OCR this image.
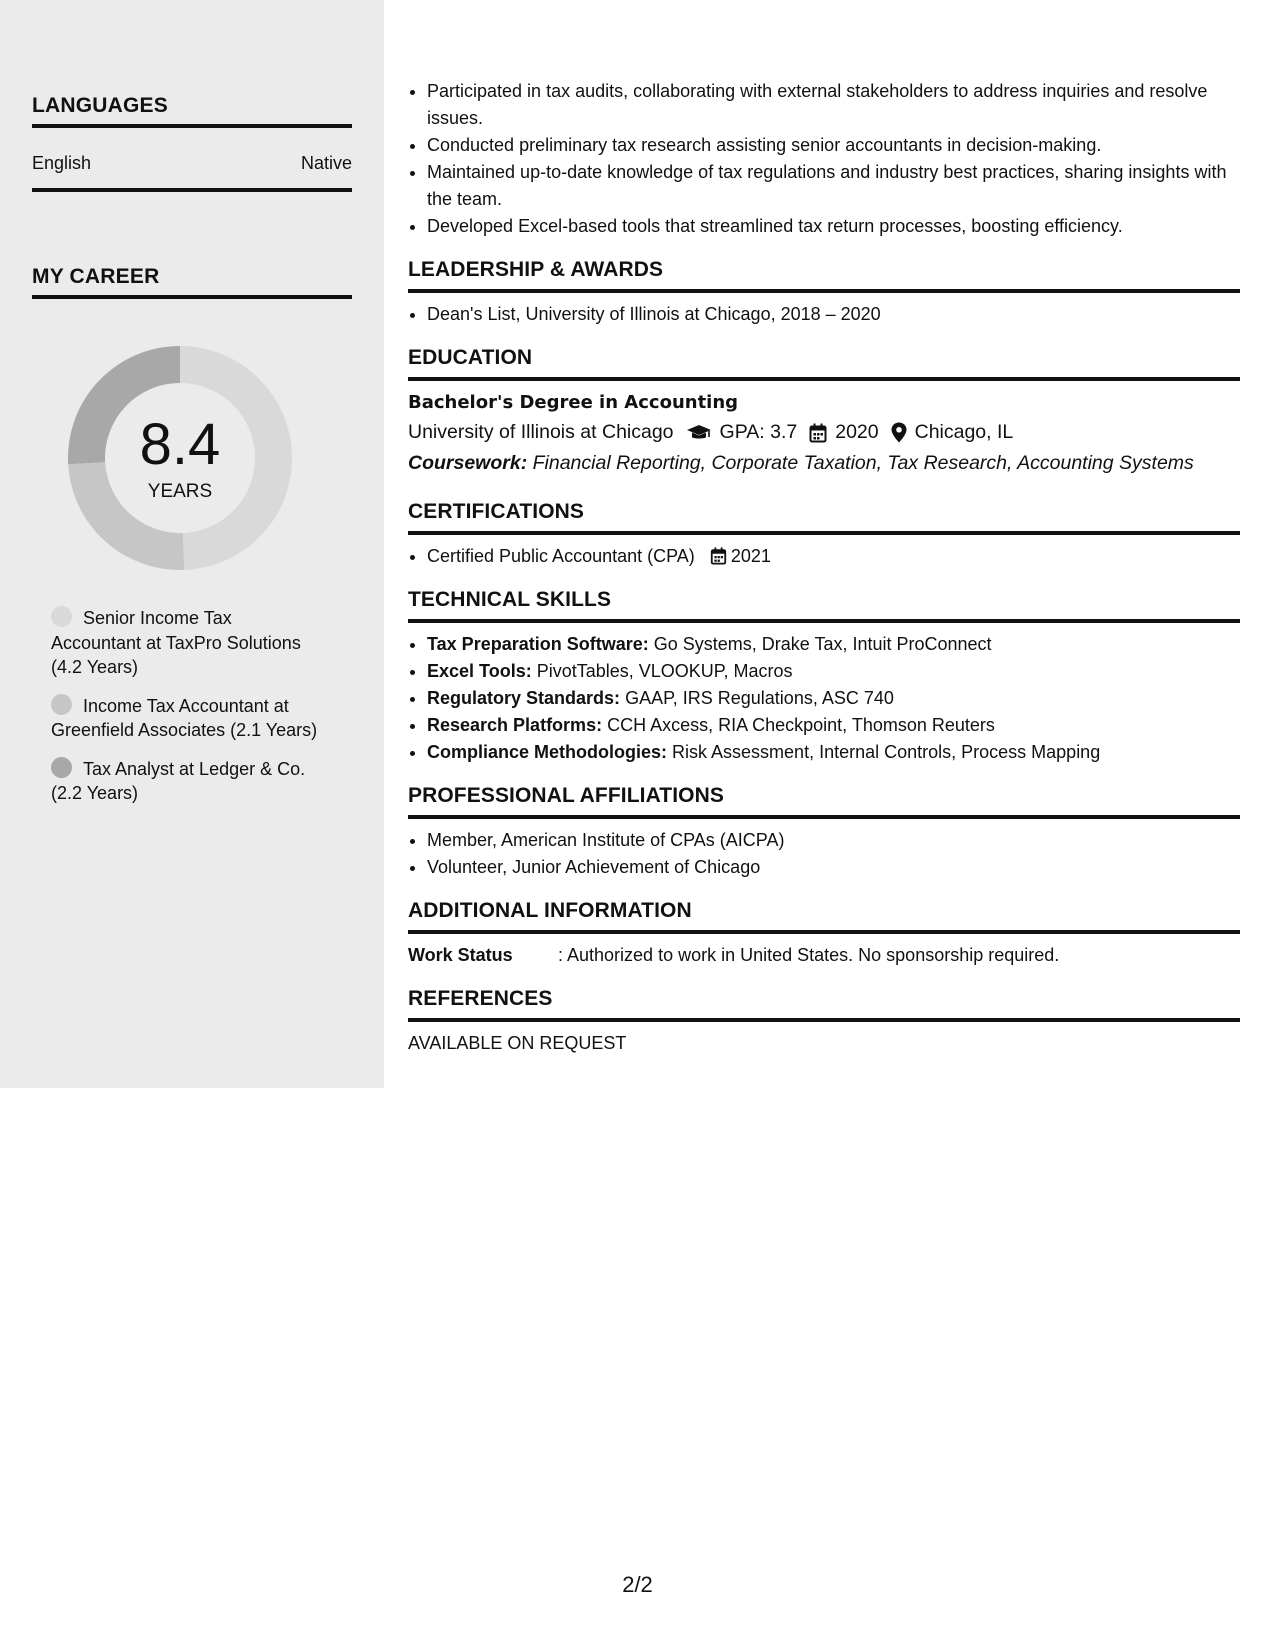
LANGUAGES
English	Native
MY CAREER
8.4
YEARS
Senior Income Tax Accountant at TaxPro Solutions (4.2 Years)
Income Tax Accountant at Greenfield Associates (2.1 Years)
Tax Analyst at Ledger & Co. (2.2 Years)
• Participated in tax audits, collaborating with external stakeholders to address inquiries and resolve issues.
• Conducted preliminary tax research assisting senior accountants in decision-making.
• Maintained up-to-date knowledge of tax regulations and industry best practices, sharing insights with the team.
• Developed Excel-based tools that streamlined tax return processes, boosting efficiency.
LEADERSHIP & AWARDS
• Dean's List, University of Illinois at Chicago, 2018 – 2020
EDUCATION
Bachelor's Degree in Accounting
University of Illinois at Chicago GPA: 3.7 2020 Chicago, IL
Coursework: Financial Reporting, Corporate Taxation, Tax Research, Accounting Systems
CERTIFICATIONS
• Certified Public Accountant (CPA) 2021
TECHNICAL SKILLS
• Tax Preparation Software: Go Systems, Drake Tax, Intuit ProConnect
• Excel Tools: PivotTables, VLOOKUP, Macros
• Regulatory Standards: GAAP, IRS Regulations, ASC 740
• Research Platforms: CCH Axcess, RIA Checkpoint, Thomson Reuters
• Compliance Methodologies: Risk Assessment, Internal Controls, Process Mapping
PROFESSIONAL AFFILIATIONS
• Member, American Institute of CPAs (AICPA)
• Volunteer, Junior Achievement of Chicago
ADDITIONAL INFORMATION
Work Status	: Authorized to work in United States. No sponsorship required.
REFERENCES
AVAILABLE ON REQUEST
2/2
